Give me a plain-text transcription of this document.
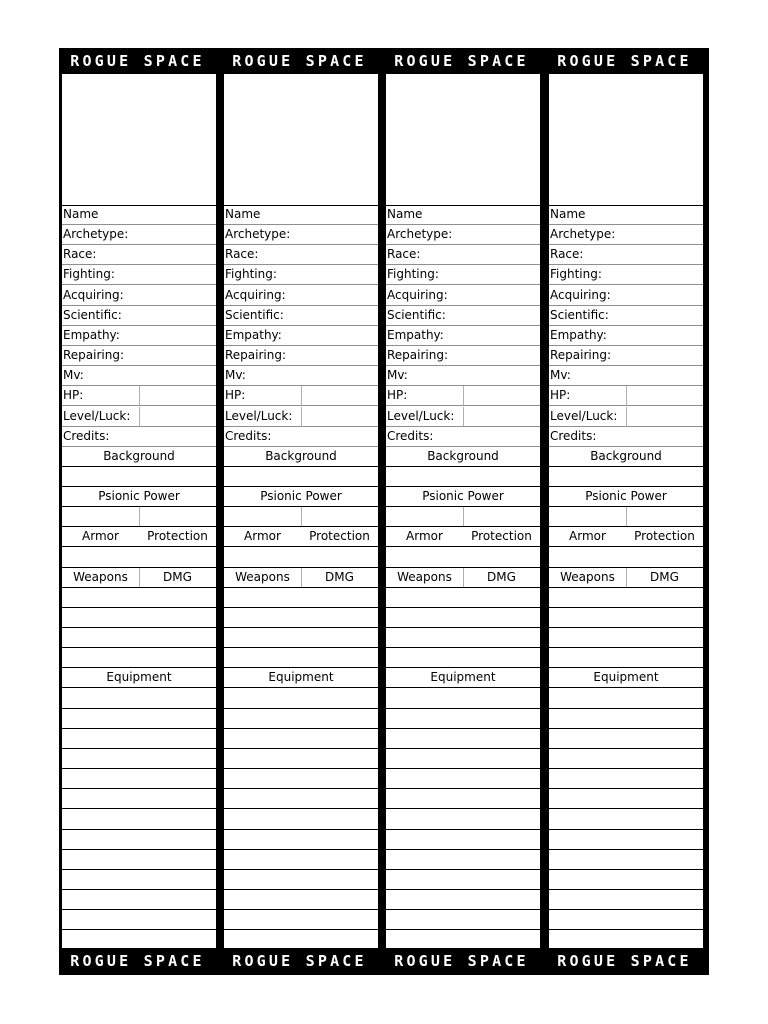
ROGUE SPACE
Name
Archetype:
Race:
Fighting:
Acquiring:
Scientific:
Empathy:
Repairing:
Mv:
HP:
Level/Luck:
Credits:
Background
Psionic Power
Armor	Protection
Weapons	DMG
Equipment
ROGUE SPACE
ROGUE SPACE
Name
Archetype:
Race:
Fighting:
Acquiring:
Scientific:
Empathy:
Repairing:
Mv:
HP:
Level/Luck:
Credits:
Background
Psionic Power
Armor	Protection
Weapons	DMG
Equipment
ROGUE SPACE
ROGUE SPACE
Name
Archetype:
Race:
Fighting:
Acquiring:
Scientific:
Empathy:
Repairing:
Mv:
HP:
Level/Luck:
Credits:
Background
Psionic Power
Armor	Protection
Weapons	DMG
Equipment
ROGUE SPACE
ROGUE SPACE
Name
Archetype:
Race:
Fighting:
Acquiring:
Scientific:
Empathy:
Repairing:
Mv:
HP:
Level/Luck:
Credits:
Background
Psionic Power
Armor	Protection
Weapons	DMG
Equipment
ROGUE SPACE
